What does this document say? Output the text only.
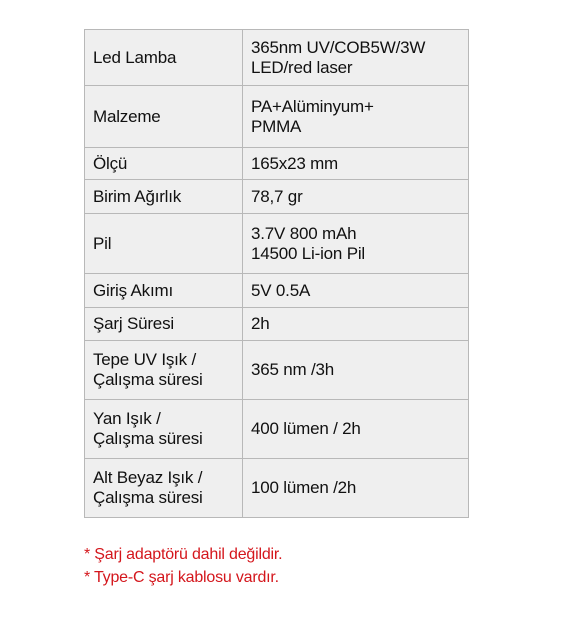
Led Lamba	365nm UV/COB5W/3W
LED/red laser

Malzeme	PA+Alüminyum+
PMMA

Ölçü	165x23 mm

Birim Ağırlık	78,7 gr

Pil	3.7V 800 mAh
14500 Li-ion Pil

Giriş Akımı	5V 0.5A

Şarj Süresi	2h

Tepe UV Işık /
Çalışma süresi	365 nm /3h

Yan Işık /
Çalışma süresi	400 lümen / 2h

Alt Beyaz Işık /
Çalışma süresi	100 lümen /2h
* Şarj adaptörü dahil değildir.
* Type-C şarj kablosu vardır.
